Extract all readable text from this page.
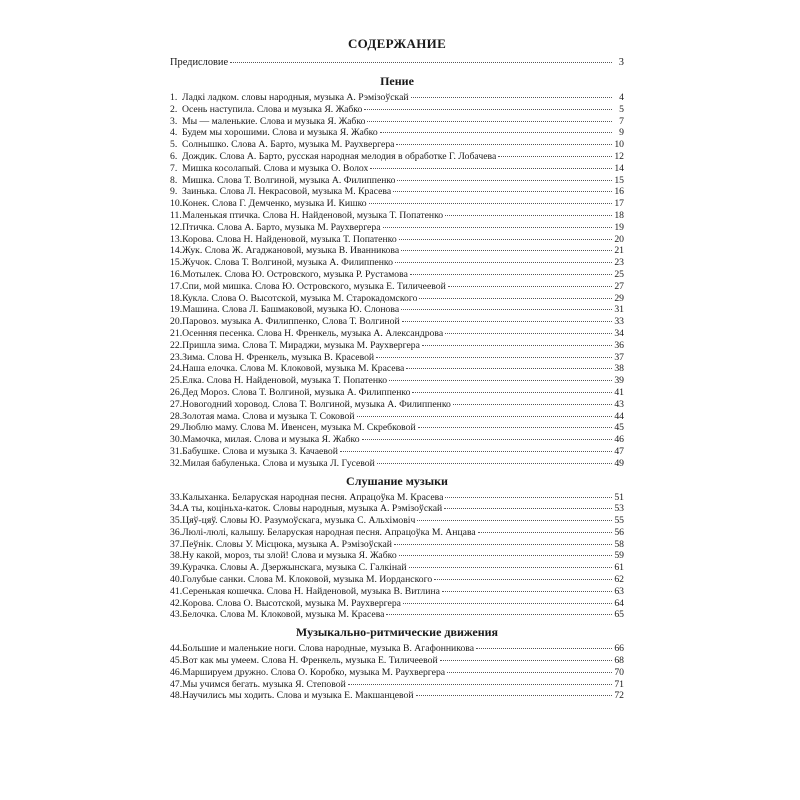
СОДЕРЖАНИЕ
Предисловие	3
Пение
1. Ладкі ладком. словы народныя, музыка А. Рэмізоўскай	4
2. Осень наступила. Слова и музыка Я. Жабко	5
3. Мы — маленькие. Слова и музыка Я. Жабко	7
4. Будем мы хорошими. Слова и музыка Я. Жабко	9
5. Солнышко. Слова А. Барто, музыка М. Раухвергера	10
6. Дождик. Слова А. Барто, русская народная мелодия в обработке Г. Лобачева	12
7. Мишка косолапый. Слова и музыка О. Волох	14
8. Мишка. Слова Т. Волгиной, музыка А. Филиппенко	15
9. Заинька. Слова Л. Некрасовой, музыка М. Красева	16
10. Конек. Слова Г. Демченко, музыка И. Кишко	17
11. Маленькая птичка. Слова Н. Найденовой, музыка Т. Попатенко	18
12. Птичка. Слова А. Барто, музыка М. Раухвергера	19
13. Корова. Слова Н. Найденовой, музыка Т. Попатенко	20
14. Жук. Слова Ж. Агаджановой, музыка В. Иванникова	21
15. Жучок. Слова Т. Волгиной, музыка А. Филиппенко	23
16. Мотылек. Слова Ю. Островского, музыка Р. Рустамова	25
17. Спи, мой мишка. Слова Ю. Островского, музыка Е. Тиличеевой	27
18. Кукла. Слова О. Высотской, музыка М. Старокадомского	29
19. Машина. Слова Л. Башмаковой, музыка Ю. Слонова	31
20. Паровоз. музыка А. Филиппенко, Слова Т. Волгиной	33
21. Осенняя песенка. Слова Н. Френкель, музыка А. Александрова	34
22. Пришла зима. Слова Т. Мираджи, музыка М. Раухвергера	36
23. Зима. Слова Н. Френкель, музыка В. Красевой	37
24. Наша елочка. Слова М. Клоковой, музыка М. Красева	38
25. Елка. Слова Н. Найденовой, музыка Т. Попатенко	39
26. Дед Мороз. Слова Т. Волгиной, музыка А. Филиппенко	41
27. Новогодний хоровод. Слова Т. Волгиной, музыка А. Филиппенко	43
28. Золотая мама. Слова и музыка Т. Соковой	44
29. Люблю маму. Слова М. Ивенсен, музыка М. Скребковой	45
30. Мамочка, милая. Слова и музыка Я. Жабко	46
31. Бабушке. Слова и музыка З. Качаевой	47
32. Милая бабуленька. Слова и музыка Л. Гусевой	49
Слушание музыки
33. Калыханка. Беларуская народная песня. Апрацоўка М. Красева	51
34. А ты, коціньха-каток. Словы народныя, музыка А. Рэмізоўскай	53
35. Цяў-цяў. Словы Ю. Разумоўскага, музыка С. Альхімовіч	55
36. Люлі-люлі, калышу. Беларуская народная песня. Апрацоўка М. Анцава	56
37. Пеўнік. Словы У. Місцюка, музыка А. Рэмізоўскай	58
38. Ну какой, мороз, ты злой! Слова и музыка Я. Жабко	59
39. Курачка. Словы А. Дзержынскага, музыка С. Галкінай	61
40. Голубые санки. Слова М. Клоковой, музыка М. Иорданского	62
41. Серенькая кошечка. Слова Н. Найденовой, музыка В. Витлина	63
42. Корова. Слова О. Высотской, музыка М. Раухвергера	64
43. Белочка. Слова М. Клоковой, музыка М. Красева	65
Музыкально-ритмические движения
44. Большие и маленькие ноги. Слова народные, музыка В. Агафонникова	66
45. Вот как мы умеем. Слова Н. Френкель, музыка Е. Тиличеевой	68
46. Маршируем дружно. Слова О. Коробко, музыка М. Раухвергера	70
47. Мы учимся бегать. музыка Я. Степовой	71
48. Научились мы ходить. Слова и музыка Е. Макшанцевой	72
